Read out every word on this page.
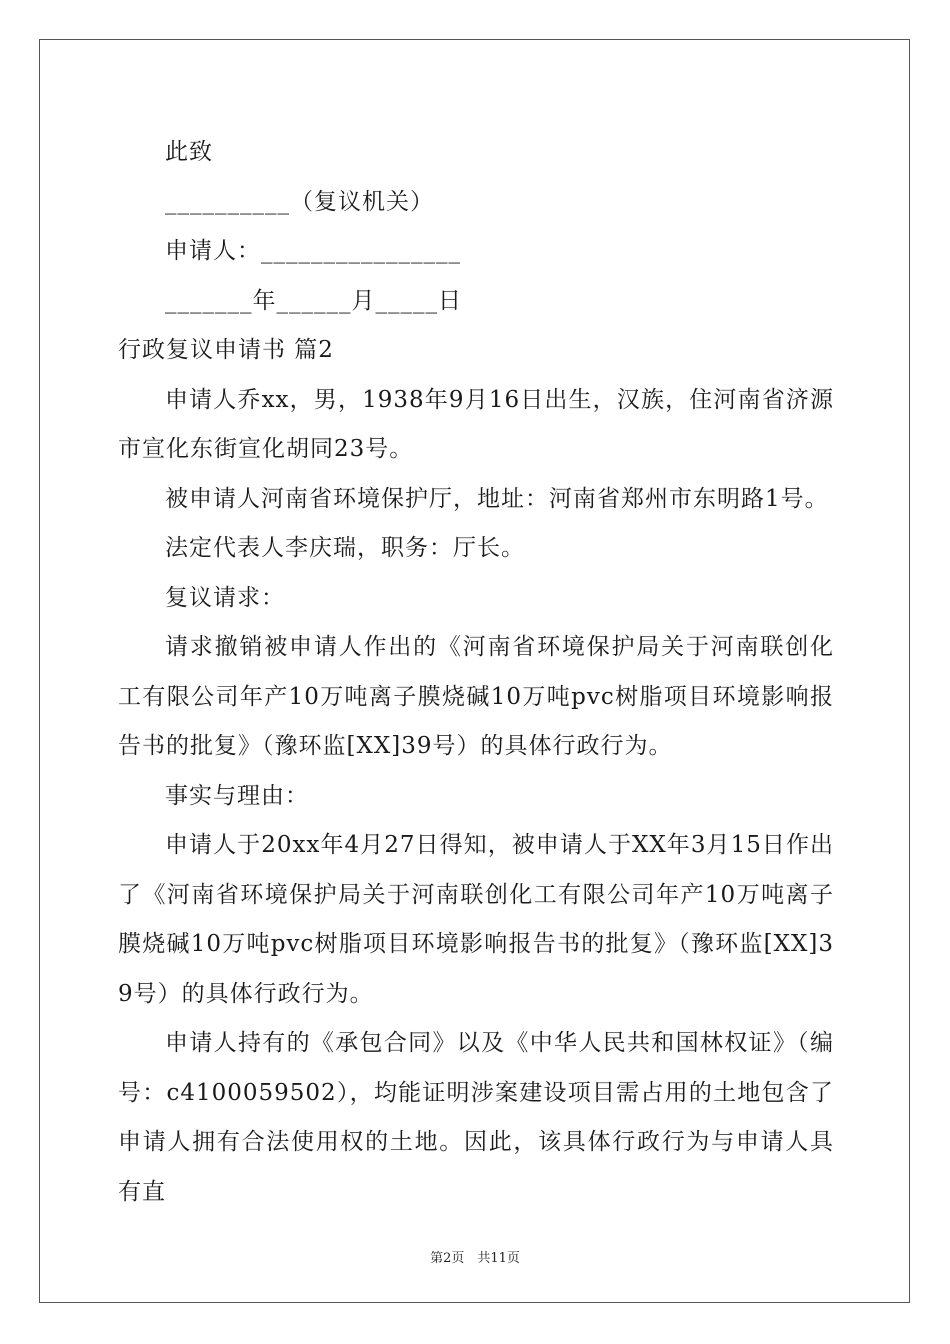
此致
__________（复议机关）
申请人：________________
_______年______月_____日
行政复议申请书 篇2
申请人乔xx，男，1938年9月16日出生，汉族，住河南省济源市宣化东街宣化胡同23号。
被申请人河南省环境保护厅，地址：河南省郑州市东明路1号。
法定代表人李庆瑞，职务：厅长。
复议请求：
请求撤销被申请人作出的《河南省环境保护局关于河南联创化工有限公司年产10万吨离子膜烧碱10万吨pvc树脂项目环境影响报告书的批复》（豫环监[XX]39号）的具体行政行为。
事实与理由：
申请人于20xx年4月27日得知，被申请人于XX年3月15日作出了《河南省环境保护局关于河南联创化工有限公司年产10万吨离子膜烧碱10万吨pvc树脂项目环境影响报告书的批复》（豫环监[XX]39号）的具体行政行为。
申请人持有的《承包合同》以及《中华人民共和国林权证》（编号：c4100059502），均能证明涉案建设项目需占用的土地包含了申请人拥有合法使用权的土地。因此，该具体行政行为与申请人具有直
第2页　共11页
